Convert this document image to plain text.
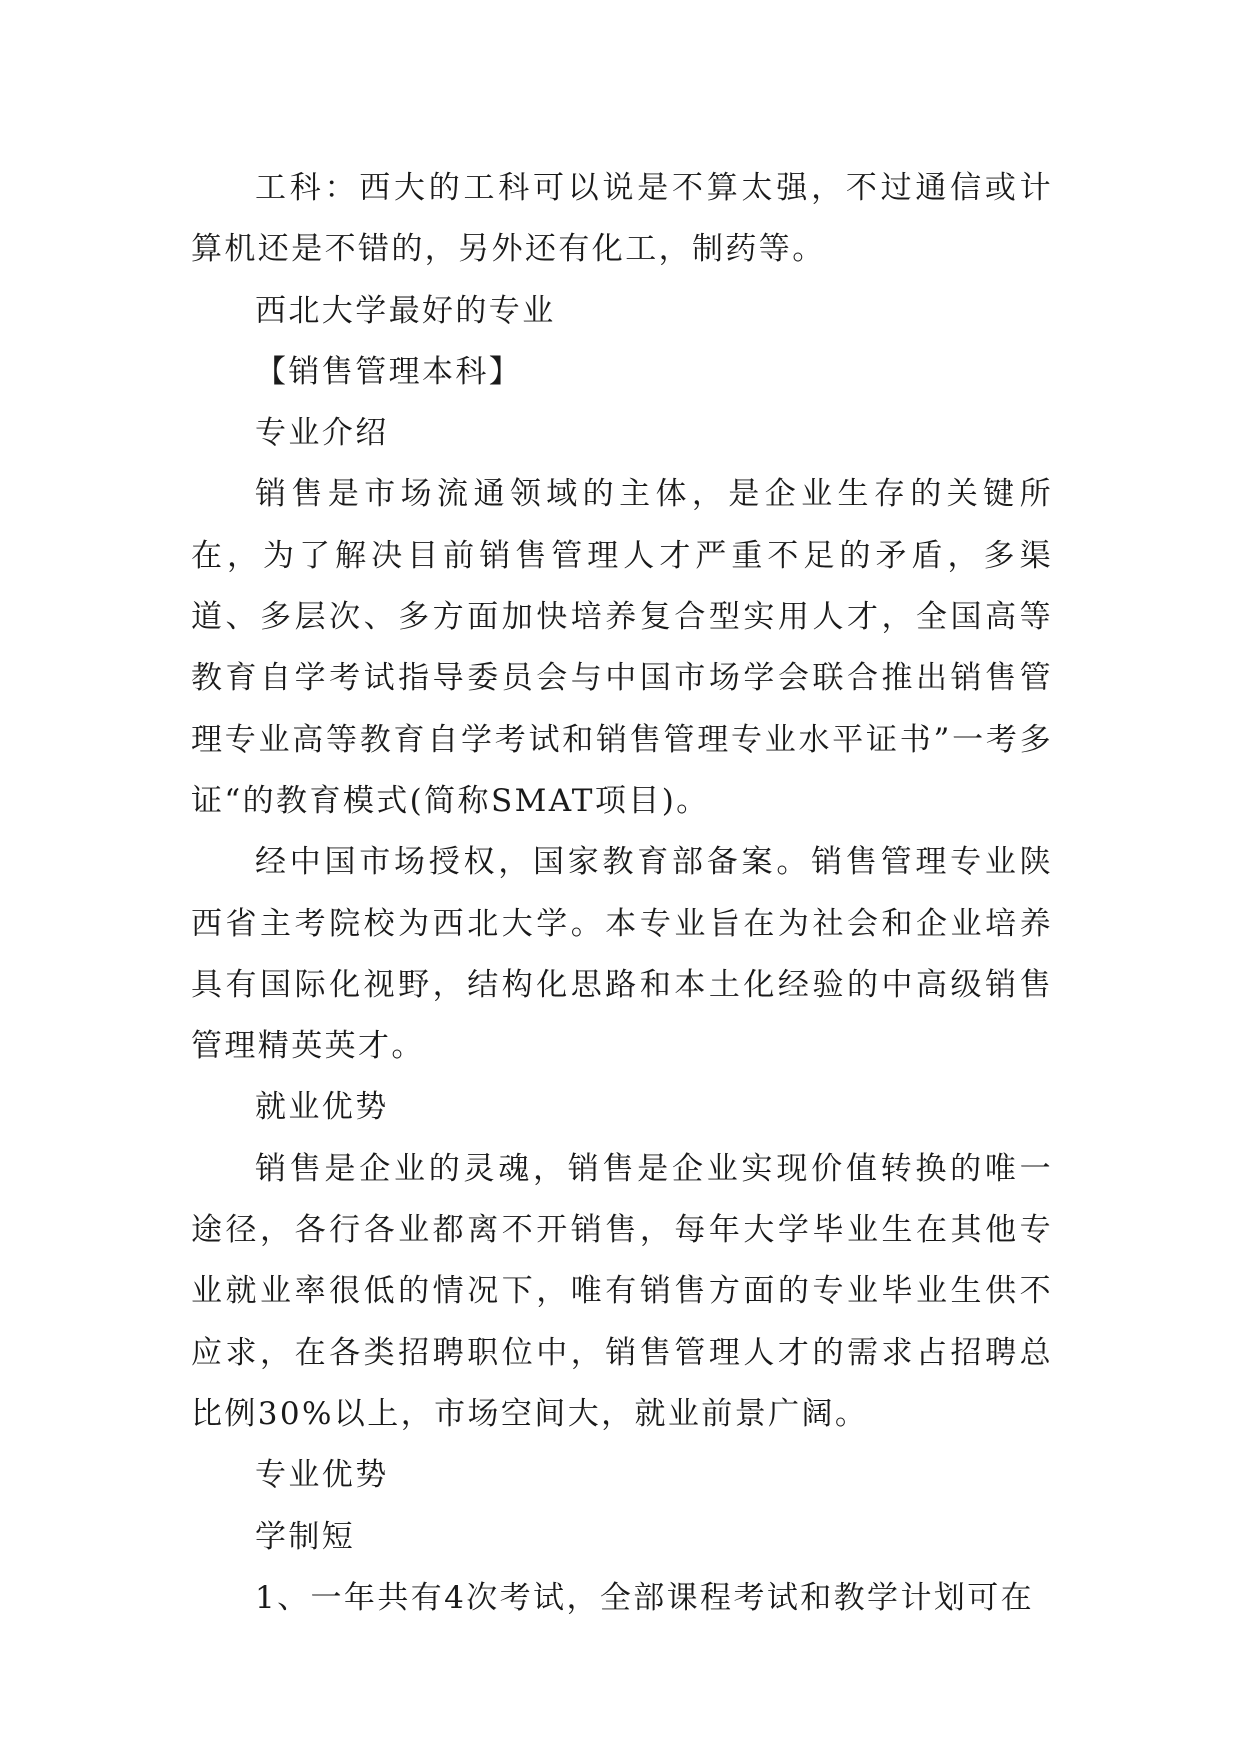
工科：西大的工科可以说是不算太强，不过通信或计算机还是不错的，另外还有化工，制药等。

西北大学最好的专业

【销售管理本科】

专业介绍

销售是市场流通领域的主体，是企业生存的关键所在，为了解决目前销售管理人才严重不足的矛盾，多渠道、多层次、多方面加快培养复合型实用人才，全国高等教育自学考试指导委员会与中国市场学会联合推出销售管理专业高等教育自学考试和销售管理专业水平证书”一考多证“的教育模式(简称SMAT项目)。

经中国市场授权，国家教育部备案。销售管理专业陕西省主考院校为西北大学。本专业旨在为社会和企业培养具有国际化视野，结构化思路和本土化经验的中高级销售管理精英英才。

就业优势

销售是企业的灵魂，销售是企业实现价值转换的唯一途径，各行各业都离不开销售，每年大学毕业生在其他专业就业率很低的情况下，唯有销售方面的专业毕业生供不应求，在各类招聘职位中，销售管理人才的需求占招聘总比例30%以上，市场空间大，就业前景广阔。

专业优势

学制短

1、一年共有4次考试，全部课程考试和教学计划可在
